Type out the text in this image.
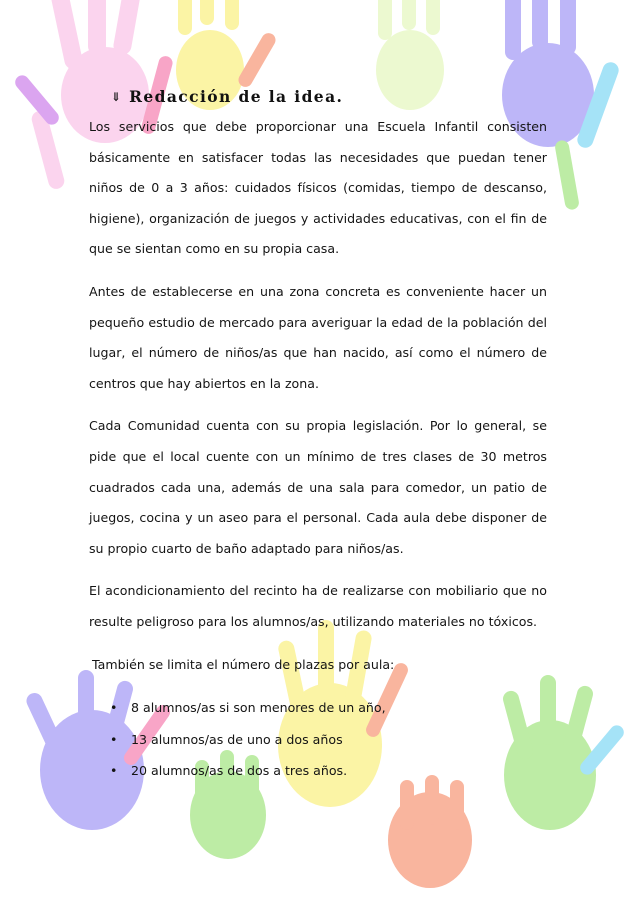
⇓ Redacción de la idea.

Los servicios que debe proporcionar una Escuela Infantil consisten básicamente en satisfacer todas las necesidades que puedan tener niños de 0 a 3 años: cuidados físicos (comidas, tiempo de descanso, higiene), organización de juegos y actividades educativas, con el fin de que se sientan como en su propia casa.

Antes de establecerse en una zona concreta es conveniente hacer un pequeño estudio de mercado para averiguar la edad de la población del lugar, el número de niños/as que han nacido, así como el número de centros que hay abiertos en la zona.

Cada Comunidad cuenta con su propia legislación. Por lo general, se pide que el local cuente con un mínimo de tres clases de 30 metros cuadrados cada una, además de una sala para comedor, un patio de juegos, cocina y un aseo para el personal. Cada aula debe disponer de su propio cuarto de baño adaptado para niños/as.

El acondicionamiento del recinto ha de realizarse con mobiliario que no resulte peligroso para los alumnos/as, utilizando materiales no tóxicos.

También se limita el número de plazas por aula:

• 8 alumnos/as si son menores de un año,
• 13 alumnos/as de uno a dos años
• 20 alumnos/as de dos a tres años.
